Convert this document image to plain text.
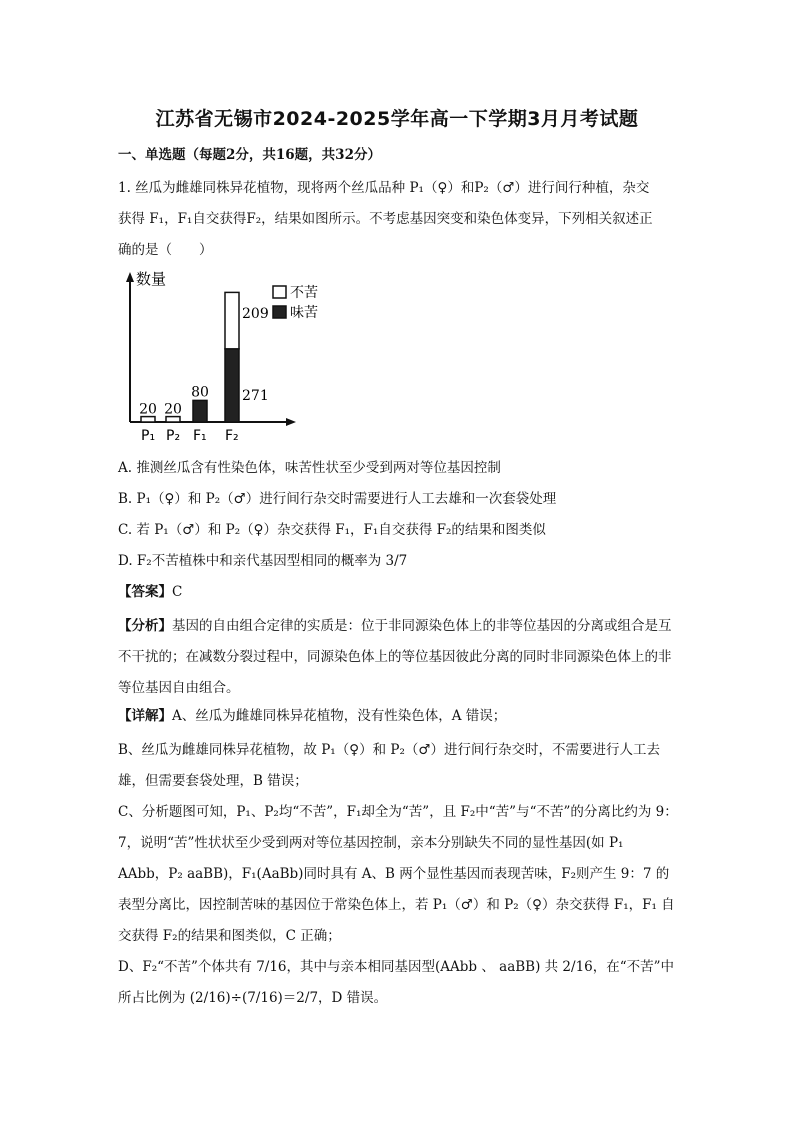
江苏省无锡市2024-2025学年高一下学期3月月考试题
一、单选题（每题2分，共16题，共32分）
1. 丝瓜为雌雄同株异花植物，现将两个丝瓜品种 P₁（♀）和P₂（♂）进行间行种植，杂交
获得 F₁，F₁自交获得F₂，结果如图所示。不考虑基因突变和染色体变异，下列相关叙述正
确的是（　　）
数量
不苦
味苦
P₁ P₂ F₁ F₂
20 20
80
209
271
A. 推测丝瓜含有性染色体，味苦性状至少受到两对等位基因控制
B. P₁（♀）和 P₂（♂）进行间行杂交时需要进行人工去雄和一次套袋处理
C. 若 P₁（♂）和 P₂（♀）杂交获得 F₁，F₁自交获得 F₂的结果和图类似
D. F₂不苦植株中和亲代基因型相同的概率为 3/7
【答案】C
【分析】基因的自由组合定律的实质是：位于非同源染色体上的非等位基因的分离或组合是互不干扰的；在减数分裂过程中，同源染色体上的等位基因彼此分离的同时非同源染色体上的非等位基因自由组合。
【详解】A、丝瓜为雌雄同株异花植物，没有性染色体，A 错误；
B、丝瓜为雌雄同株异花植物，故 P₁（♀）和 P₂（♂）进行间行杂交时，不需要进行人工去雄，但需要套袋处理，B 错误；
C、分析题图可知，P₁、P₂均“不苦”，F₁却全为“苦”，且 F₂中“苦”与“不苦”的分离比约为 9：7，说明“苦”性状状至少受到两对等位基因控制，亲本分别缺失不同的显性基因(如 P₁ AAbb，P₂ aaBB)，F₁(AaBb)同时具有 A、B 两个显性基因而表现苦味，F₂则产生 9：7 的表型分离比，因控制苦味的基因位于常染色体上，若 P₁（♂）和 P₂（♀）杂交获得 F₁，F₁ 自交获得 F₂的结果和图类似，C 正确；
D、F₂“不苦”个体共有 7/16，其中与亲本相同基因型(AAbb 、 aaBB) 共 2/16，在“不苦”中所占比例为 (2/16)÷(7/16)＝2/7，D 错误。
